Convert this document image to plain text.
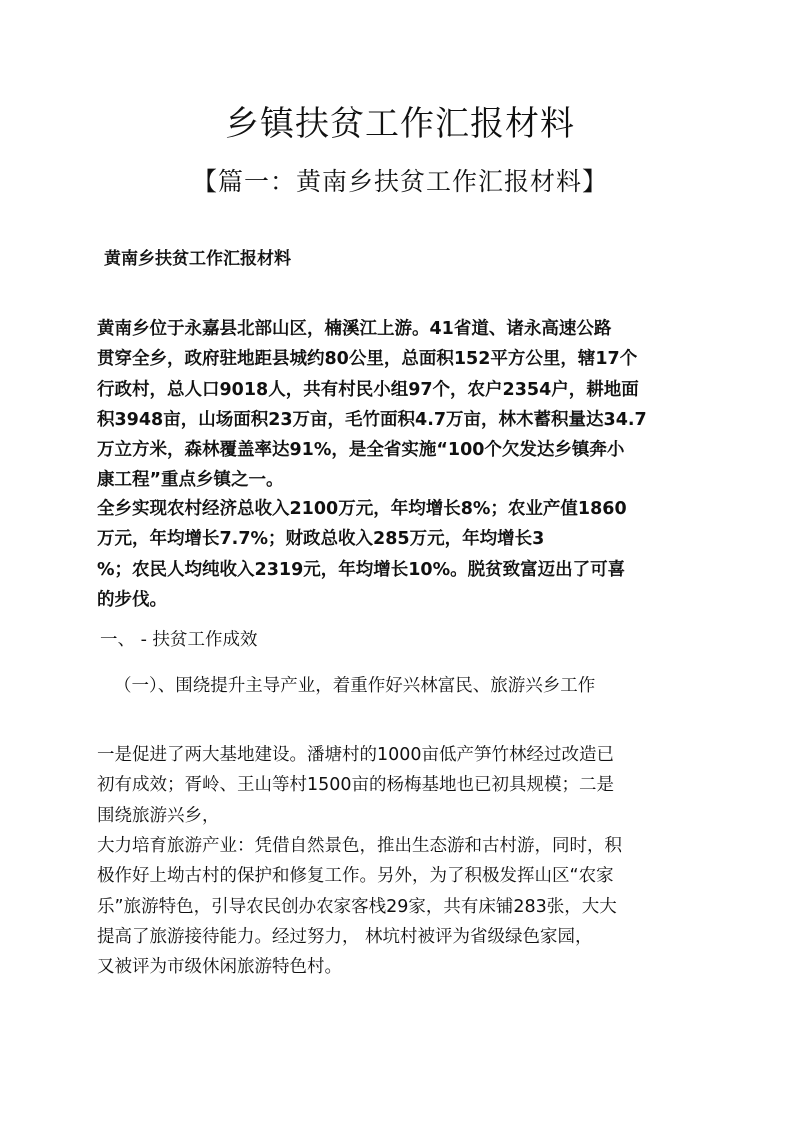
乡镇扶贫工作汇报材料
【篇一：黄南乡扶贫工作汇报材料】
黄南乡扶贫工作汇报材料

黄南乡位于永嘉县北部山区，楠溪江上游。41省道、诸永高速公路
贯穿全乡，政府驻地距县城约80公里，总面积152平方公里，辖17个
行政村，总人口9018人，共有村民小组97个，农户2354户，耕地面
积3948亩，山场面积23万亩，毛竹面积4.7万亩，林木蓄积量达34.7
万立方米，森林覆盖率达91%，是全省实施“100个欠发达乡镇奔小
康工程”重点乡镇之一。

全乡实现农村经济总收入2100万元，年均增长8%；农业产值1860
万元，年均增长7.7%；财政总收入285万元，年均增长3
%；农民人均纯收入2319元，年均增长10%。脱贫致富迈出了可喜
的步伐。

一、 - 扶贫工作成效
（一）、围绕提升主导产业，着重作好兴林富民、旅游兴乡工作

一是促进了两大基地建设。潘塘村的1000亩低产笋竹林经过改造已
初有成效；胥岭、王山等村1500亩的杨梅基地也已初具规模；二是
围绕旅游兴乡，

大力培育旅游产业：凭借自然景色，推出生态游和古村游，同时，积
极作好上坳古村的保护和修复工作。另外，为了积极发挥山区“农家
乐”旅游特色，引导农民创办农家客栈29家，共有床铺283张，大大
提高了旅游接待能力。经过努力， 林坑村被评为省级绿色家园，
又被评为市级休闲旅游特色村。
